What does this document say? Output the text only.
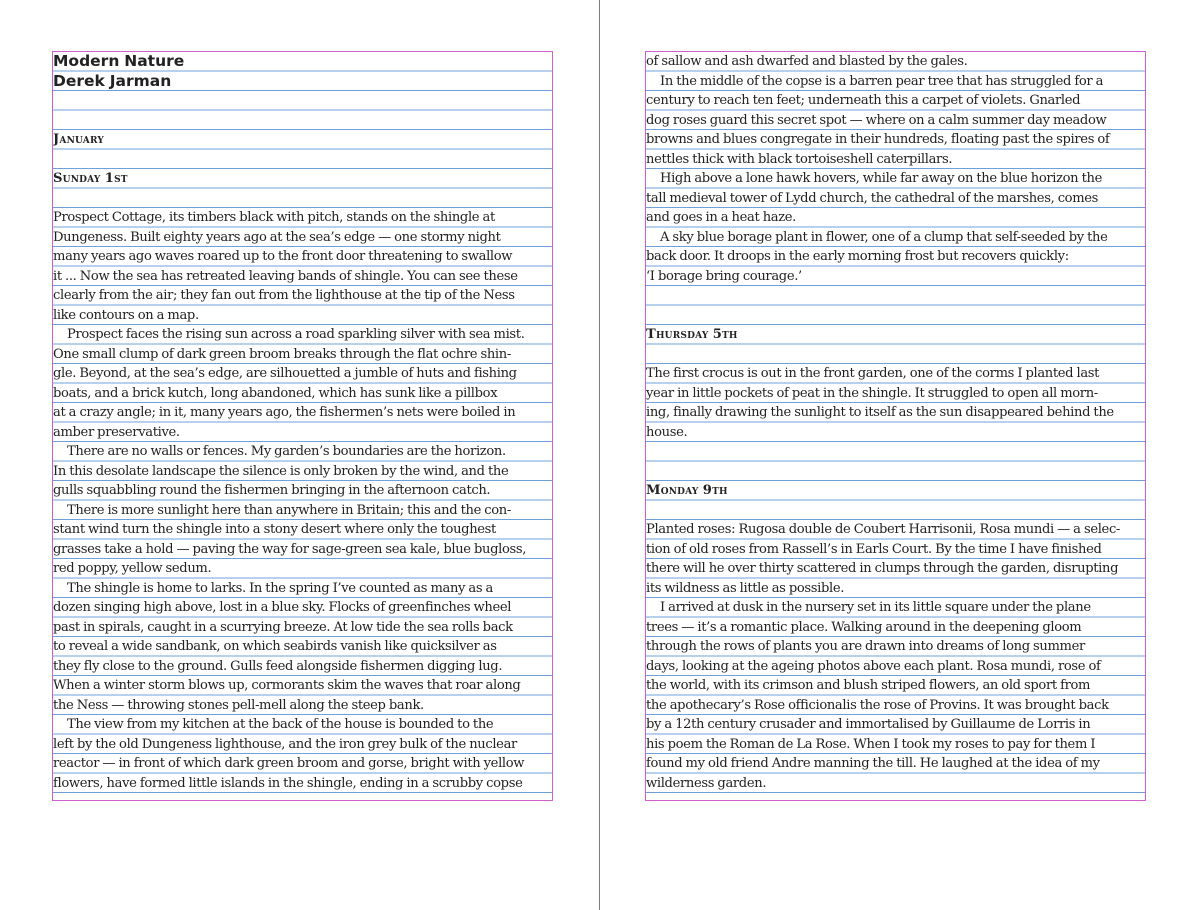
Modern Nature
Derek Jarman
January
Sunday 1st
Prospect Cottage, its timbers black with pitch, stands on the shingle at
Dungeness. Built eighty years ago at the sea’s edge — one stormy night
many years ago waves roared up to the front door threatening to swallow
it ... Now the sea has retreated leaving bands of shingle. You can see these
clearly from the air; they fan out from the lighthouse at the tip of the Ness
like contours on a map.
Prospect faces the rising sun across a road sparkling silver with sea mist.
One small clump of dark green broom breaks through the flat ochre shin-
gle. Beyond, at the sea’s edge, are silhouetted a jumble of huts and fishing
boats, and a brick kutch, long abandoned, which has sunk like a pillbox
at a crazy angle; in it, many years ago, the fishermen’s nets were boiled in
amber preservative.
There are no walls or fences. My garden’s boundaries are the horizon.
In this desolate landscape the silence is only broken by the wind, and the
gulls squabbling round the fishermen bringing in the afternoon catch.
There is more sunlight here than anywhere in Britain; this and the con-
stant wind turn the shingle into a stony desert where only the toughest
grasses take a hold — paving the way for sage-green sea kale, blue bugloss,
red poppy, yellow sedum.
The shingle is home to larks. In the spring I’ve counted as many as a
dozen singing high above, lost in a blue sky. Flocks of greenfinches wheel
past in spirals, caught in a scurrying breeze. At low tide the sea rolls back
to reveal a wide sandbank, on which seabirds vanish like quicksilver as
they fly close to the ground. Gulls feed alongside fishermen digging lug.
When a winter storm blows up, cormorants skim the waves that roar along
the Ness — throwing stones pell-mell along the steep bank.
The view from my kitchen at the back of the house is bounded to the
left by the old Dungeness lighthouse, and the iron grey bulk of the nuclear
reactor — in front of which dark green broom and gorse, bright with yellow
flowers, have formed little islands in the shingle, ending in a scrubby copse
of sallow and ash dwarfed and blasted by the gales.
In the middle of the copse is a barren pear tree that has struggled for a
century to reach ten feet; underneath this a carpet of violets. Gnarled
dog roses guard this secret spot — where on a calm summer day meadow
browns and blues congregate in their hundreds, floating past the spires of
nettles thick with black tortoiseshell caterpillars.
High above a lone hawk hovers, while far away on the blue horizon the
tall medieval tower of Lydd church, the cathedral of the marshes, comes
and goes in a heat haze.
A sky blue borage plant in flower, one of a clump that self-seeded by the
back door. It droops in the early morning frost but recovers quickly:
‘I borage bring courage.’
Thursday 5th
The first crocus is out in the front garden, one of the corms I planted last
year in little pockets of peat in the shingle. It struggled to open all morn-
ing, finally drawing the sunlight to itself as the sun disappeared behind the
house.
Monday 9th
Planted roses: Rugosa double de Coubert Harrisonii, Rosa mundi — a selec-
tion of old roses from Rassell’s in Earls Court. By the time I have finished
there will he over thirty scattered in clumps through the garden, disrupting
its wildness as little as possible.
I arrived at dusk in the nursery set in its little square under the plane
trees — it’s a romantic place. Walking around in the deepening gloom
through the rows of plants you are drawn into dreams of long summer
days, looking at the ageing photos above each plant. Rosa mundi, rose of
the world, with its crimson and blush striped flowers, an old sport from
the apothecary’s Rose officionalis the rose of Provins. It was brought back
by a 12th century crusader and immortalised by Guillaume de Lorris in
his poem the Roman de La Rose. When I took my roses to pay for them I
found my old friend Andre manning the till. He laughed at the idea of my
wilderness garden.
